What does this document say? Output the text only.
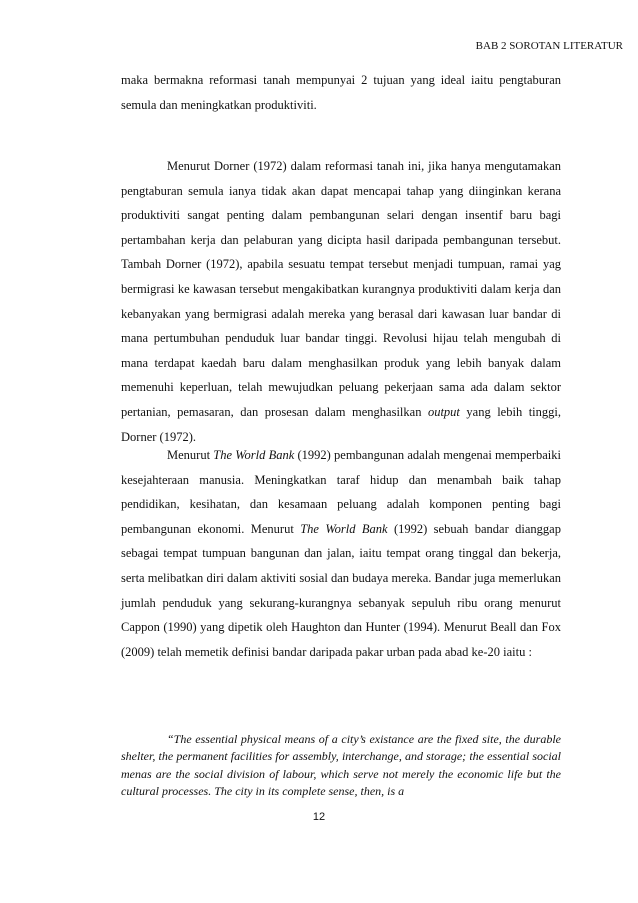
BAB 2 SOROTAN LITERATUR

maka bermakna reformasi tanah mempunyai 2 tujuan yang ideal iaitu pengtaburan semula dan meningkatkan produktiviti.

Menurut Dorner (1972) dalam reformasi tanah ini, jika hanya mengutamakan pengtaburan semula ianya tidak akan dapat mencapai tahap yang diinginkan kerana produktiviti sangat penting dalam pembangunan selari dengan insentif baru bagi pertambahan kerja dan pelaburan yang dicipta hasil daripada pembangunan tersebut. Tambah Dorner (1972), apabila sesuatu tempat tersebut menjadi tumpuan, ramai yag bermigrasi ke kawasan tersebut mengakibatkan kurangnya produktiviti dalam kerja dan kebanyakan yang bermigrasi adalah mereka yang berasal dari kawasan luar bandar di mana pertumbuhan penduduk luar bandar tinggi. Revolusi hijau telah mengubah di mana terdapat kaedah baru dalam menghasilkan produk yang lebih banyak dalam memenuhi keperluan, telah mewujudkan peluang pekerjaan sama ada dalam sektor pertanian, pemasaran, dan prosesan dalam menghasilkan output yang lebih tinggi, Dorner (1972).

Menurut The World Bank (1992) pembangunan adalah mengenai memperbaiki kesejahteraan manusia. Meningkatkan taraf hidup dan menambah baik tahap pendidikan, kesihatan, dan kesamaan peluang adalah komponen penting bagi pembangunan ekonomi. Menurut The World Bank (1992) sebuah bandar dianggap sebagai tempat tumpuan bangunan dan jalan, iaitu tempat orang tinggal dan bekerja, serta melibatkan diri dalam aktiviti sosial dan budaya mereka. Bandar juga memerlukan jumlah penduduk yang sekurang-kurangnya sebanyak sepuluh ribu orang menurut Cappon (1990) yang dipetik oleh Haughton dan Hunter (1994). Menurut Beall dan Fox (2009) telah memetik definisi bandar daripada pakar urban pada abad ke-20 iaitu :

“The essential physical means of a city’s existance are the fixed site, the durable shelter, the permanent facilities for assembly, interchange, and storage; the essential social menas are the social division of labour, which serve not merely the economic life but the cultural processes. The city in its complete sense, then, is a

12
